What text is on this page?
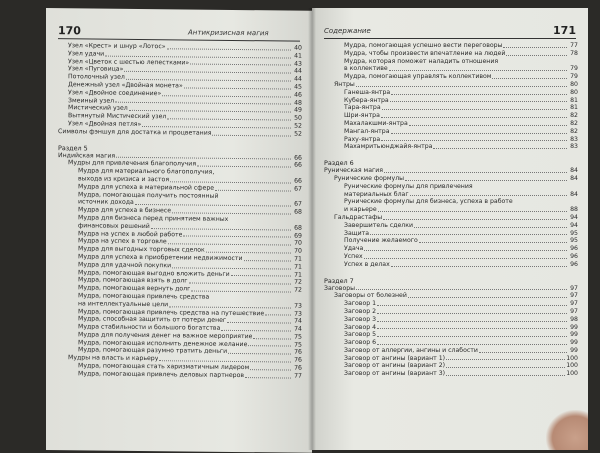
170	Антикризисная магия
Узел «Крест» и шнур «Лотос»	40
Узел удачи	41
Узел «Цветок с шестью лепестками»	43
Узел «Пуговица»	44
Потолочный узел	44
Денежный узел «Двойная монета»	45
Узел «Двойное соединение»	46
Змеиный узел	48
Мистический узел	49
Вытянутый Мистический узел	50
Узел «Двойная петля»	52
Символы фэншуя для достатка и процветания	52
Раздел 5
Индийская магия	66
Мудры для привлечения благополучия	66
Мудра для материального благополучия,
выхода из кризиса и застоя	66
Мудра для успеха в материальной сфере	67
Мудра, помогающая получить постоянный
источник дохода	67
Мудра для успеха в бизнесе	68
Мудра для бизнеса перед принятием важных
финансовых решений	68
Мудра на успех в любой работе	69
Мудра на успех в торговле	70
Мудра для выгодных торговых сделок	70
Мудра для успеха в приобретении недвижимости	71
Мудра для удачной покупки	71
Мудра, помогающая выгодно вложить деньги	71
Мудра, помогающая взять в долг	72
Мудра, помогающая вернуть долг	72
Мудра, помогающая привлечь средства
на интеллектуальные цели	73
Мудра, помогающая привлечь средства на путешествие	73
Мудра, способная защитить от потери денег	74
Мудра стабильности и большого богатства	74
Мудра для получения денег на важное мероприятие	75
Мудра, помогающая исполнить денежное желание	75
Мудра, помогающая разумно тратить деньги	76
Мудры на власть и карьеру	76
Мудра, помогающая стать харизматичным лидером	76
Мудра, помогающая привлечь деловых партнеров	77
Содержание	171
Мудра, помогающая успешно вести переговоры	77
Мудра, чтобы произвести впечатление на людей	78
Мудра, которая поможет наладить отношения
в коллективе	79
Мудра, помогающая управлять коллективом	79
Янтры	80
Ганеша-янтра	80
Кубера-янтра	81
Тара-янтра	81
Шри-янтра	82
Махалакшми-янтра	82
Мангал-янтра	82
Раху-янтра	83
Махамритьюнджайя-янтра	83
Раздел 6
Руническая магия	84
Рунические формулы	84
Рунические формулы для привлечения
материальных благ	84
Рунические формулы для бизнеса, успеха в работе
и карьере	88
Гальдрастафы	94
Завершитель сделки	94
Защита	95
Получение желаемого	95
Удача	96
Успех	96
Успех в делах	96
Раздел 7
Заговоры	97
Заговоры от болезней	97
Заговор 1	97
Заговор 2	97
Заговор 3	98
Заговор 4	99
Заговор 5	99
Заговор 6	99
Заговор от аллергии, ангины и слабости	99
Заговор от ангины (вариант 1)	100
Заговор от ангины (вариант 2)	100
Заговор от ангины (вариант 3)	100
